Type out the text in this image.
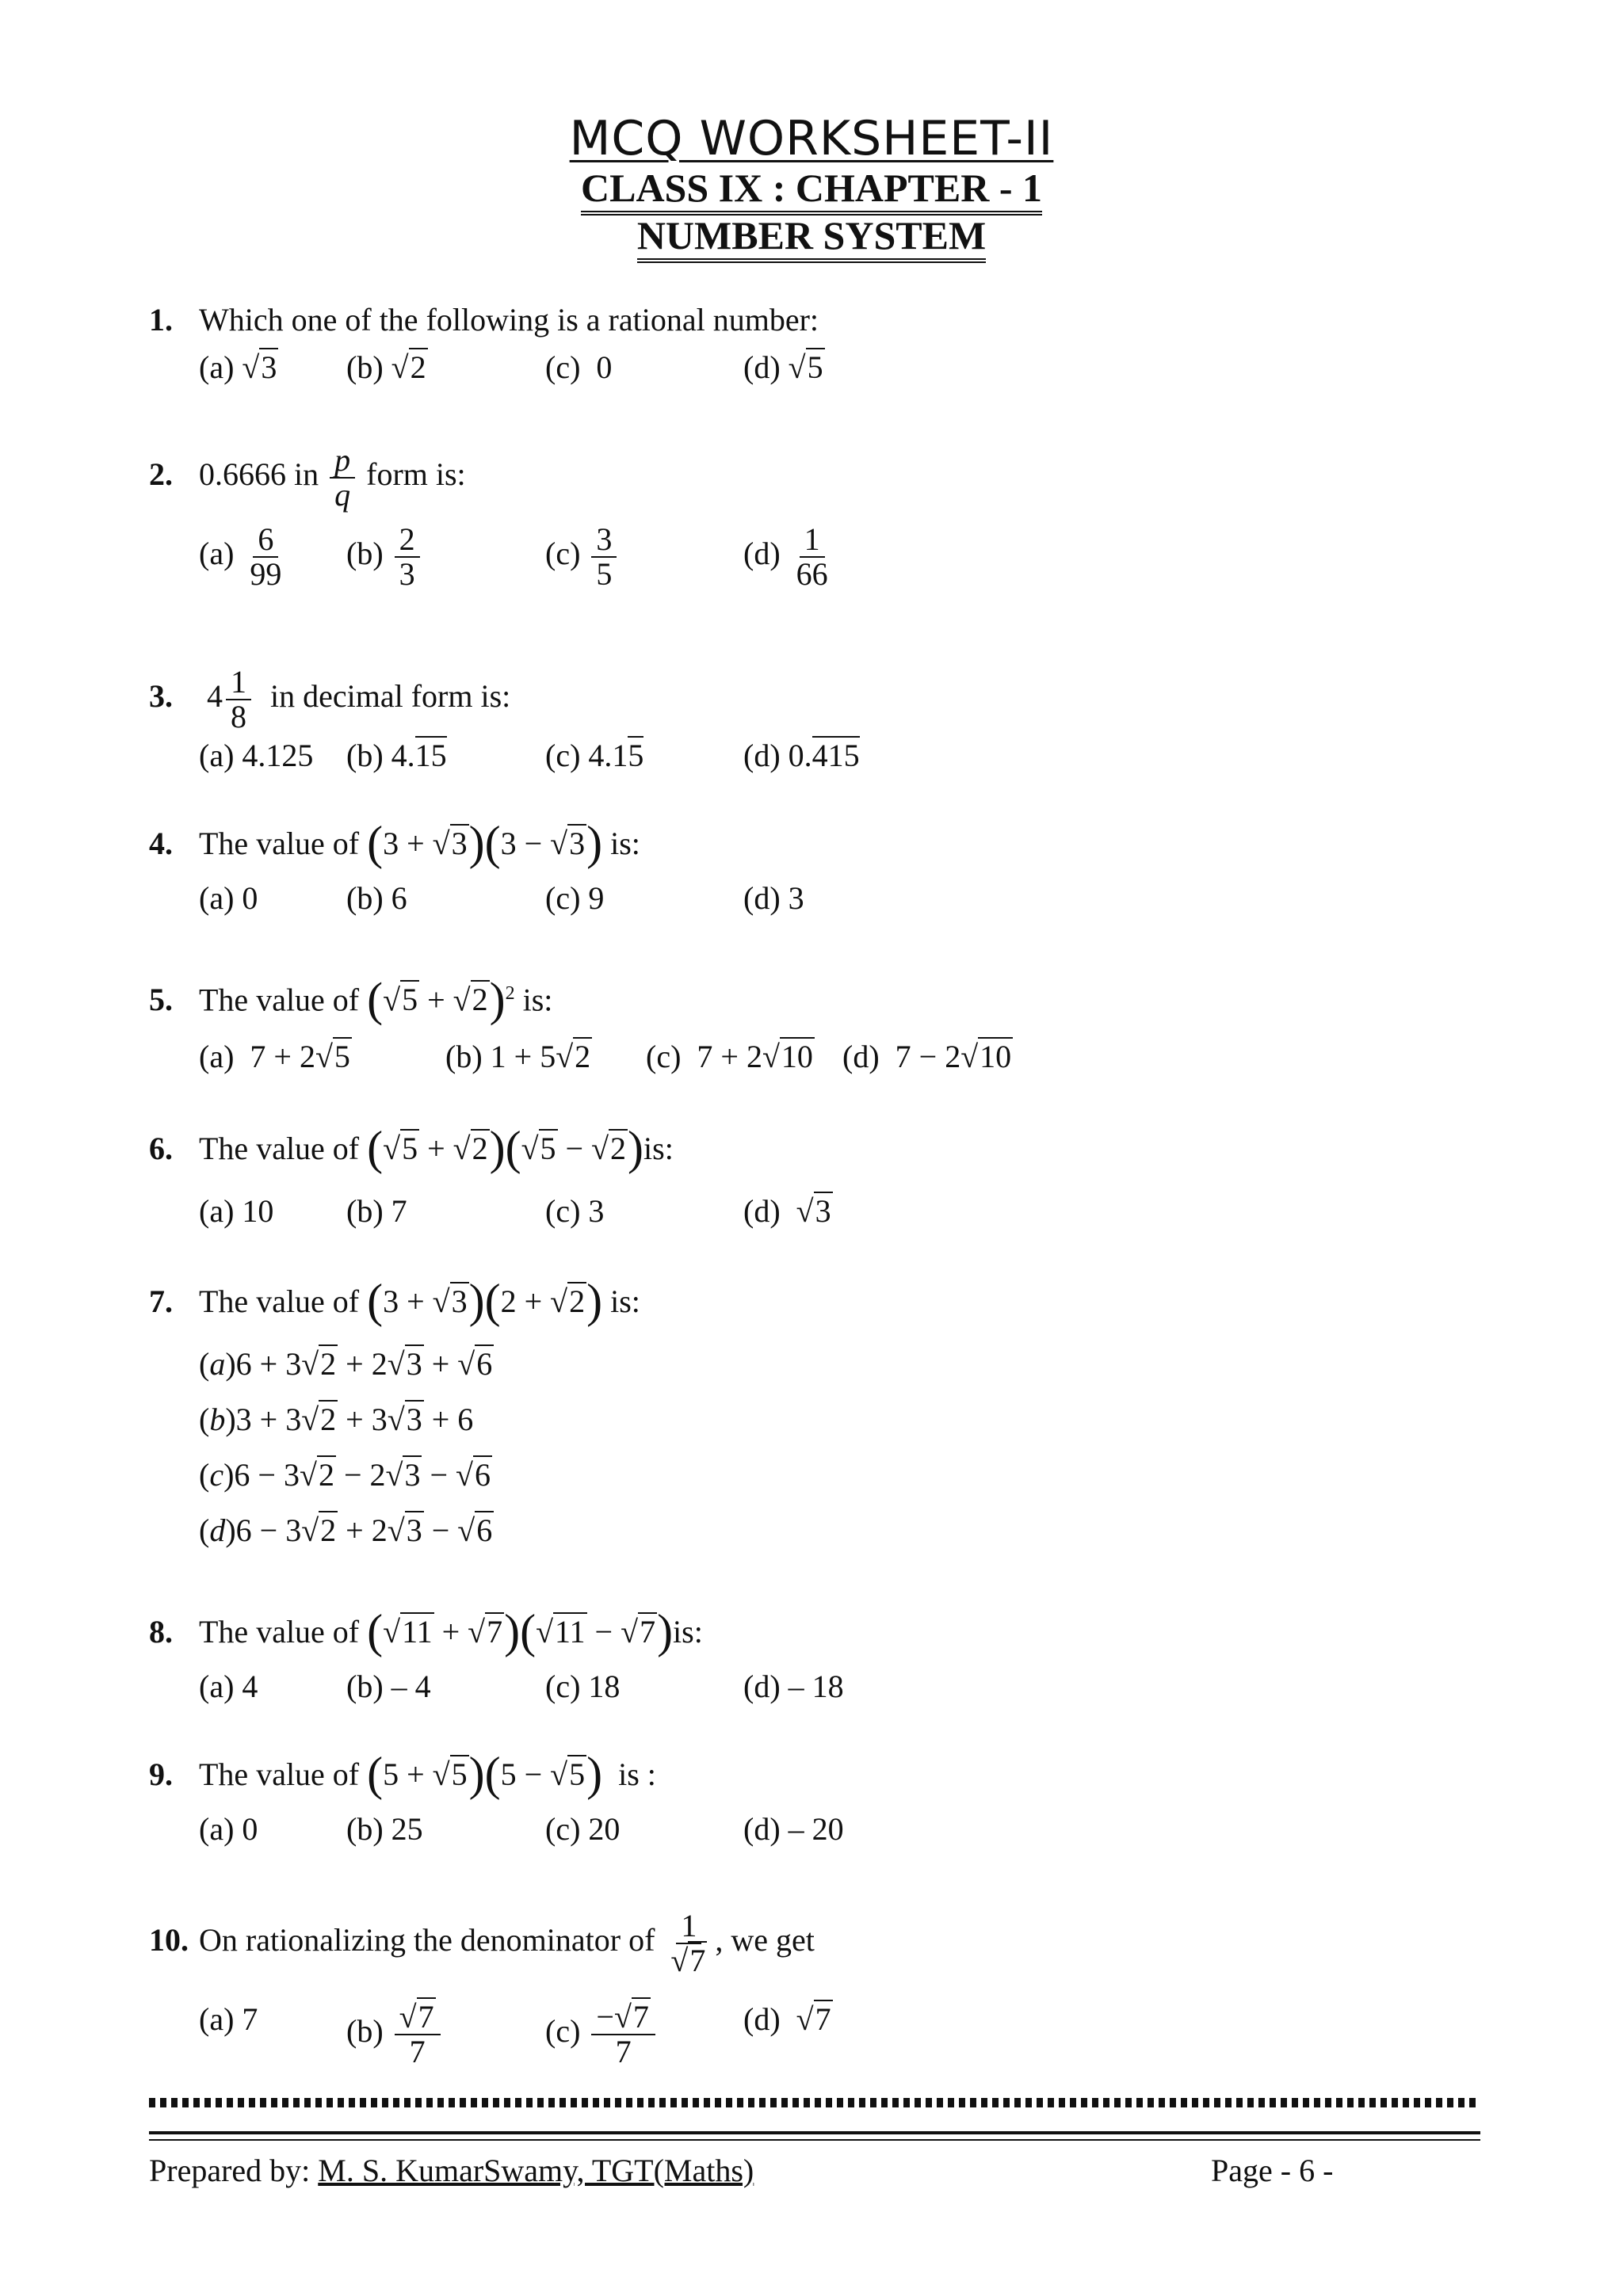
MCQ WORKSHEET-II
CLASS IX : CHAPTER - 1
NUMBER SYSTEM
1. Which one of the following is a rational number:
(a) √3 (b) √2	(c)  0	(d) √5
2. 0.6666 in $\frac{p}{q}$ form is:
$(a) \frac{6}{99} (b) \frac{2}{3}$	$(c) \frac{3}{5}$	$(d) \frac{1}{66}$
3. $4 \frac{1}{8}$ in decimal form is:
(a) 4.125 (b) 4.15	(c) 4.15	(d) 0.415
4. The value of (3 + √3)(3 − √3) is:
(a) 0	(b) 6	(c) 9	(d) 3
5. The value of $(√5 + √2)^2$ is:
(a)  7 + 2√5	(b) 1 + 5√2 (c)  7 + 2√10 (d)  7 − 2√10
6. The value of (√5 + √2)(√5 − √2)is:
(a) 10 (b) 7	(c) 3	(d)  √3
7. The value of (3 + √3)(2 + √2) is:
(a)6 + 3√2 + 2√3 + √6
(b)3 + 3√2 + 3√3 + 6
(c)6 − 3√2 − 2√3 − √6
(d)6 − 3√2 + 2√3 − √6
8. The value of (√11 + √7)(√11 − √7)is:
(a) 4	(b) – 4	(c) 18	(d) – 18
9. The value of (5 + √5)(5 − √5)  is :
(a) 0	(b) 25	(c) 20	(d) – 20
10. On rationalizing the denominator of $\frac{1}{√7}$ , we get
(a) 7	$(b) \frac{√7}{7}$	$(c) \frac{-√7}{7}$	(d)  √7
Prepared by: M. S. KumarSwamy, TGT(Maths)	Page - 6 -
